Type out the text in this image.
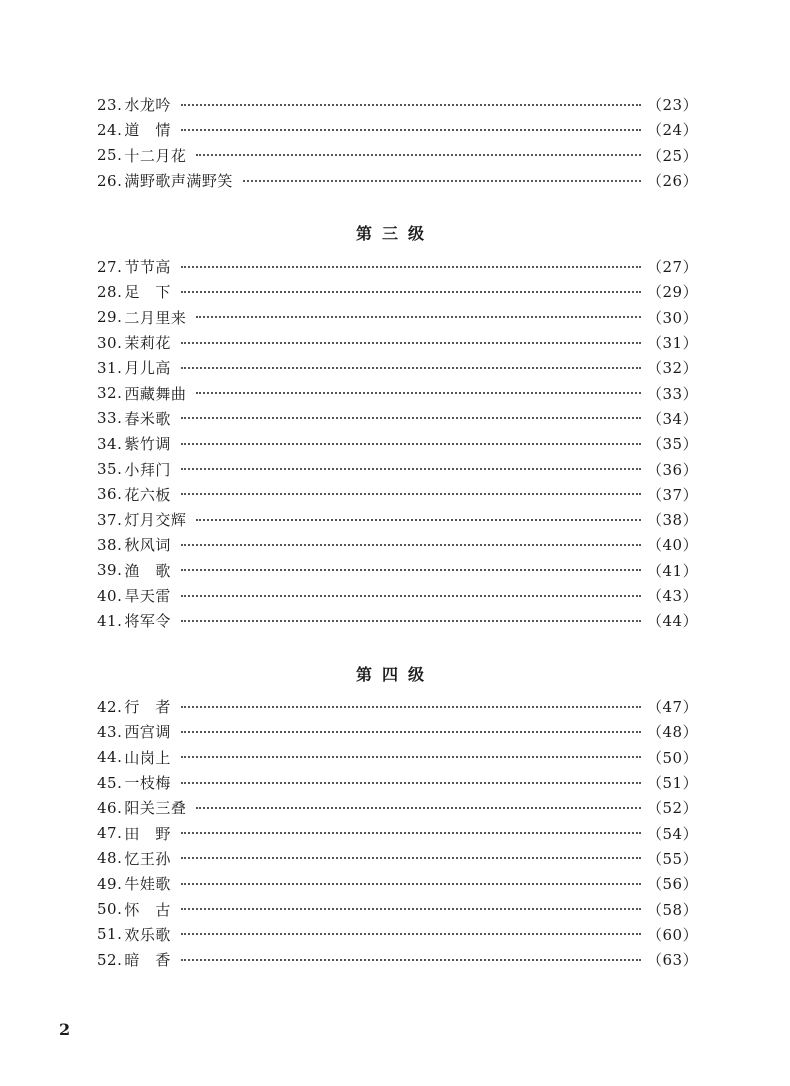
23. 水龙吟	（23）
24. 道　情	（24）
25. 十二月花	（25）
26. 满野歌声满野笑	（26）
第三级
27. 节节高	（27）
28. 足　下	（29）
29. 二月里来	（30）
30. 茉莉花	（31）
31. 月儿高	（32）
32. 西藏舞曲	（33）
33. 春米歌	（34）
34. 紫竹调	（35）
35. 小拜门	（36）
36. 花六板	（37）
37. 灯月交辉	（38）
38. 秋风词	（40）
39. 渔　歌	（41）
40. 旱天雷	（43）
41. 将军令	（44）
第四级
42. 行　者	（47）
43. 西宫调	（48）
44. 山岗上	（50）
45. 一枝梅	（51）
46. 阳关三叠	（52）
47. 田　野	（54）
48. 忆王孙	（55）
49. 牛娃歌	（56）
50. 怀　古	（58）
51. 欢乐歌	（60）
52. 暗　香	（63）
2
